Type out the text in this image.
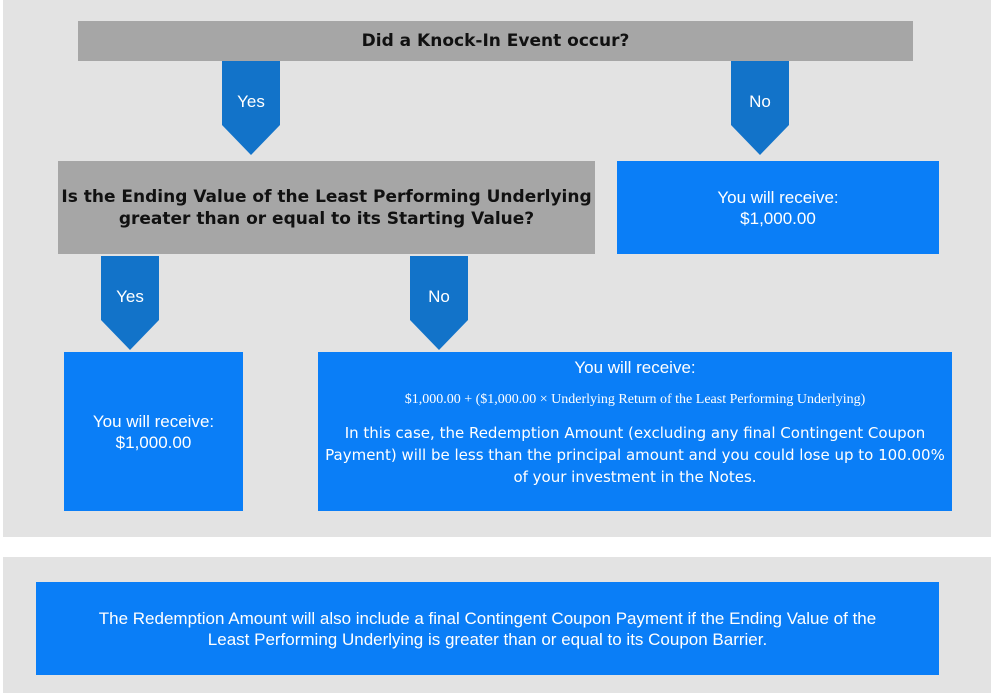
Did a Knock-In Event occur?
Yes	No
Is the Ending Value of the Least Performing Underlying
greater than or equal to its Starting Value?
You will receive:
$1,000.00
Yes	No
You will receive:
$1,000.00
You will receive:
$1,000.00 + ($1,000.00 × Underlying Return of the Least Performing Underlying)
In this case, the Redemption Amount (excluding any final Contingent Coupon
Payment) will be less than the principal amount and you could lose up to 100.00%
of your investment in the Notes.
The Redemption Amount will also include a final Contingent Coupon Payment if the Ending Value of the
Least Performing Underlying is greater than or equal to its Coupon Barrier.
